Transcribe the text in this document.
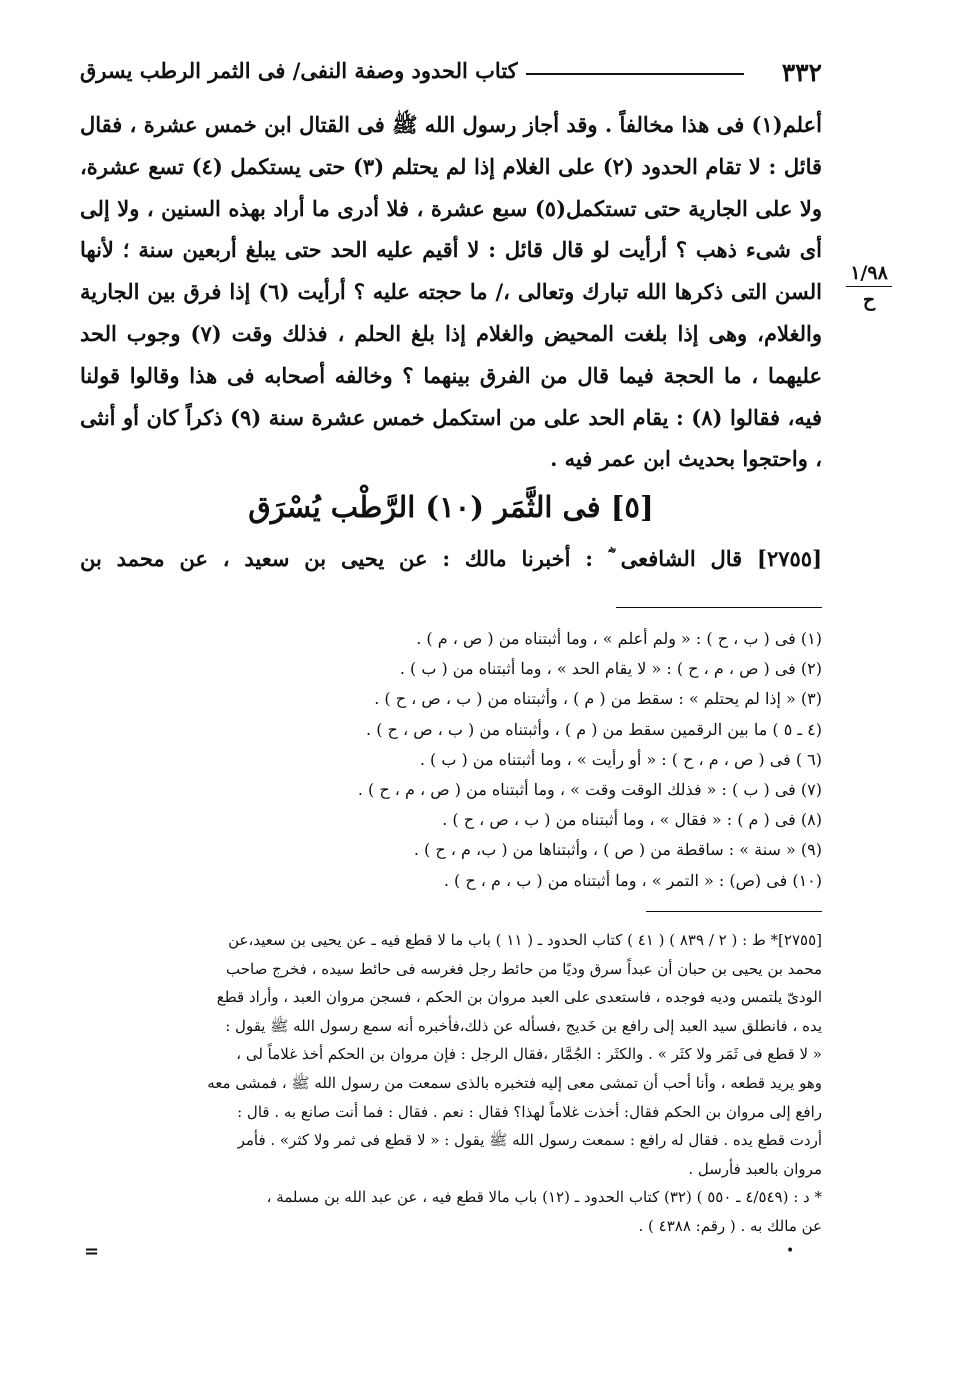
٣٣٢
كتاب الحدود وصفة النفى/ فى الثمر الرطب يسرق

أعلم(١) فى هذا مخالفاً . وقد أجاز رسول الله ﷺ فى القتال ابن خمس عشرة ، فقال قائل : لا تقام الحدود (٢) على الغلام إذا لم يحتلم (٣) حتى يستكمل (٤) تسع عشرة، ولا على الجارية حتى تستكمل(٥) سبع عشرة ، فلا أدرى ما أراد بهذه السنين ، ولا إلى أى شىء ذهب ؟ أرأيت لو قال قائل : لا أقيم عليه الحد حتى يبلغ أربعين سنة ؛ لأنها السن التى ذكرها الله تبارك وتعالى ،/ ما حجته عليه ؟ أرأيت (٦) إذا فرق بين الجارية والغلام، وهى إذا بلغت المحيض والغلام إذا بلغ الحلم ، فذلك وقت (٧) وجوب الحد عليهما ، ما الحجة فيما قال من الفرق بينهما ؟ وخالفه أصحابه فى هذا وقالوا قولنا فيه، فقالوا (٨) : يقام الحد على من استكمل خمس عشرة سنة (٩) ذكراً كان أو أنثى ، واحتجوا بحديث ابن عمر فيه .

١/٩٨
ح
[٥] فى الثَّمَر (١٠) الرَّطْب يُسْرَق

[٢٧٥٥] قال الشافعى ؓ : أخبرنا مالك : عن يحيى بن سعيد ، عن محمد بن

(١) فى ( ب ، ح ) : « ولم أعلم » ، وما أثبتناه من ( ص ، م ) .
(٢) فى ( ص ، م ، ح ) : « لا يقام الحد » ، وما أثبتناه من ( ب ) .
(٣) « إذا لم يحتلم » : سقط من ( م ) ، وأثبتناه من ( ب ، ص ، ح ) .
(٤ ـ ٥ ) ما بين الرقمين سقط من ( م ) ، وأثبتناه من ( ب ، ص ، ح ) .
(٦ ) فى ( ص ، م ، ح ) : « أو رأيت » ، وما أثبتناه من ( ب ) .
(٧) فى ( ب ) : « فذلك الوقت وقت » ، وما أثبتناه من ( ص ، م ، ح ) .
(٨) فى ( م ) : « فقال » ، وما أثبتناه من ( ب ، ص ، ح ) .
(٩) « سنة » : ساقطة من ( ص ) ، وأثبتناها من ( ب، م ، ح ) .
(١٠) فى (ص) : « التمر » ، وما أثبتناه من ( ب ، م ، ح ) .
[٢٧٥٥]* ط : ( ٢ / ٨٣٩ ) ( ٤١ ) كتاب الحدود ـ ( ١١ ) باب ما لا قطع فيه ـ عن يحيى بن سعيد،عن
محمد بن يحيى بن حبان أن عبداً سرق وديًا من حائط رجل فغرسه فى حائط سيده ، فخرج صاحب
الودىّ يلتمس وديه فوجده ، فاستعدى على العبد مروان بن الحكم ، فسجن مروان العبد ، وأراد قطع
يده ، فانطلق سيد العبد إلى رافع بن خَديج ،فسأله عن ذلك،فأخبره أنه سمع رسول الله ﷺ يقول :
« لا قطع فى ثَمَر ولا كثَر » . والكثَر : الجُمَّار ،فقال الرجل : فإن مروان بن الحكم أخذ غلاماً لى ،
وهو يريد قطعه ، وأنا أحب أن تمشى معى إليه فتخبره بالذى سمعت من رسول الله ﷺ ، فمشى معه
رافع إلى مروان بن الحكم فقال: أخذت غلاماً لهذا؟ فقال : نعم . فقال : فما أنت صانع به . قال :
أردت قطع يده . فقال له رافع : سمعت رسول الله ﷺ يقول : « لا قطع فى ثمر ولا كثر» . فأمر
مروان بالعبد فأرسل .
* د : (٤/٥٤٩ ـ ٥٥٠ ) (٣٢) كتاب الحدود ـ (١٢) باب مالا قطع فيه ، عن عبد الله بن مسلمة ،
عن مالك به . ( رقم: ٤٣٨٨ ) .
•
=
